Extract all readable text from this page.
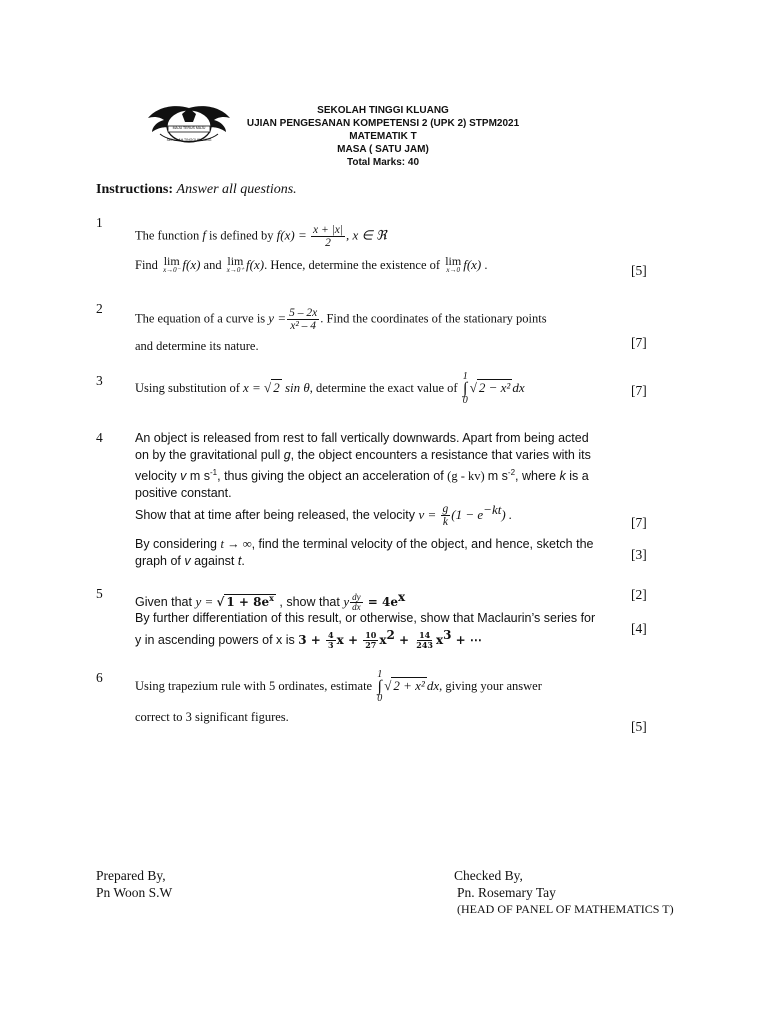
MAJU TERUS MAJU
SEKOLAH TINGGI KLUANG
SEKOLAH TINGGI KLUANG
UJIAN PENGESANAN KOMPETENSI 2 (UPK 2) STPM2021
MATEMATIK T
MASA ( SATU JAM)
Total Marks: 40
Instructions: Answer all questions.
1
The function f is defined by $f(x) = \frac{x + |x|}{2}$ , x ∈ ℜ
Find lim
x→0⁻ f(x) and lim
x→0⁺ f(x). Hence, determine the existence of lim
x→0 f(x) .	[5]
2
The equation of a curve is $y = \frac{5 - 2x}{\text{x² – 4}}$ . Find the coordinates of the stationary points
and determine its nature.	[7]
3	Using substitution of x = √ 2 sin θ, determine the exact value of
1
∫
0
√ 2 − x² dx	[7]
4	An object is released from rest to fall vertically downwards. Apart from being acted
on by the gravitational pull g, the object encounters a resistance that varies with its
velocity v m $s^{-1}$, thus giving the object an acceleration of (g - kv) m $s^{-2}$, where k is a
positive constant.
Show that at time after being released, the velocity $v = \frac{g}{k} (1 - e^{-kt})$ .
[7]
By considering t → ∞, find the terminal velocity of the object, and hence, sketch the
graph of v against t.	[3]
5
Given that y = √ $1 + 8e^x$ , show that y $\frac{dy}{dx} = 4e^x$	[2]
By further differentiation of this result, or otherwise, show that Maclaurin’s series for
y in ascending powers of x is $3 + \frac{4}{3}$ $x + \frac{10}{27} x^2 + \frac{14}{243} x^3$ + ⋯
[4]
6
Using trapezium rule with 5 ordinates, estimate
1
∫
0
√ 2 + x² dx, giving your answer
correct to 3 significant figures.
[5]
Prepared By,
Pn Woon S.W
Checked By,
Pn. Rosemary Tay
(HEAD OF PANEL OF MATHEMATICS T)
